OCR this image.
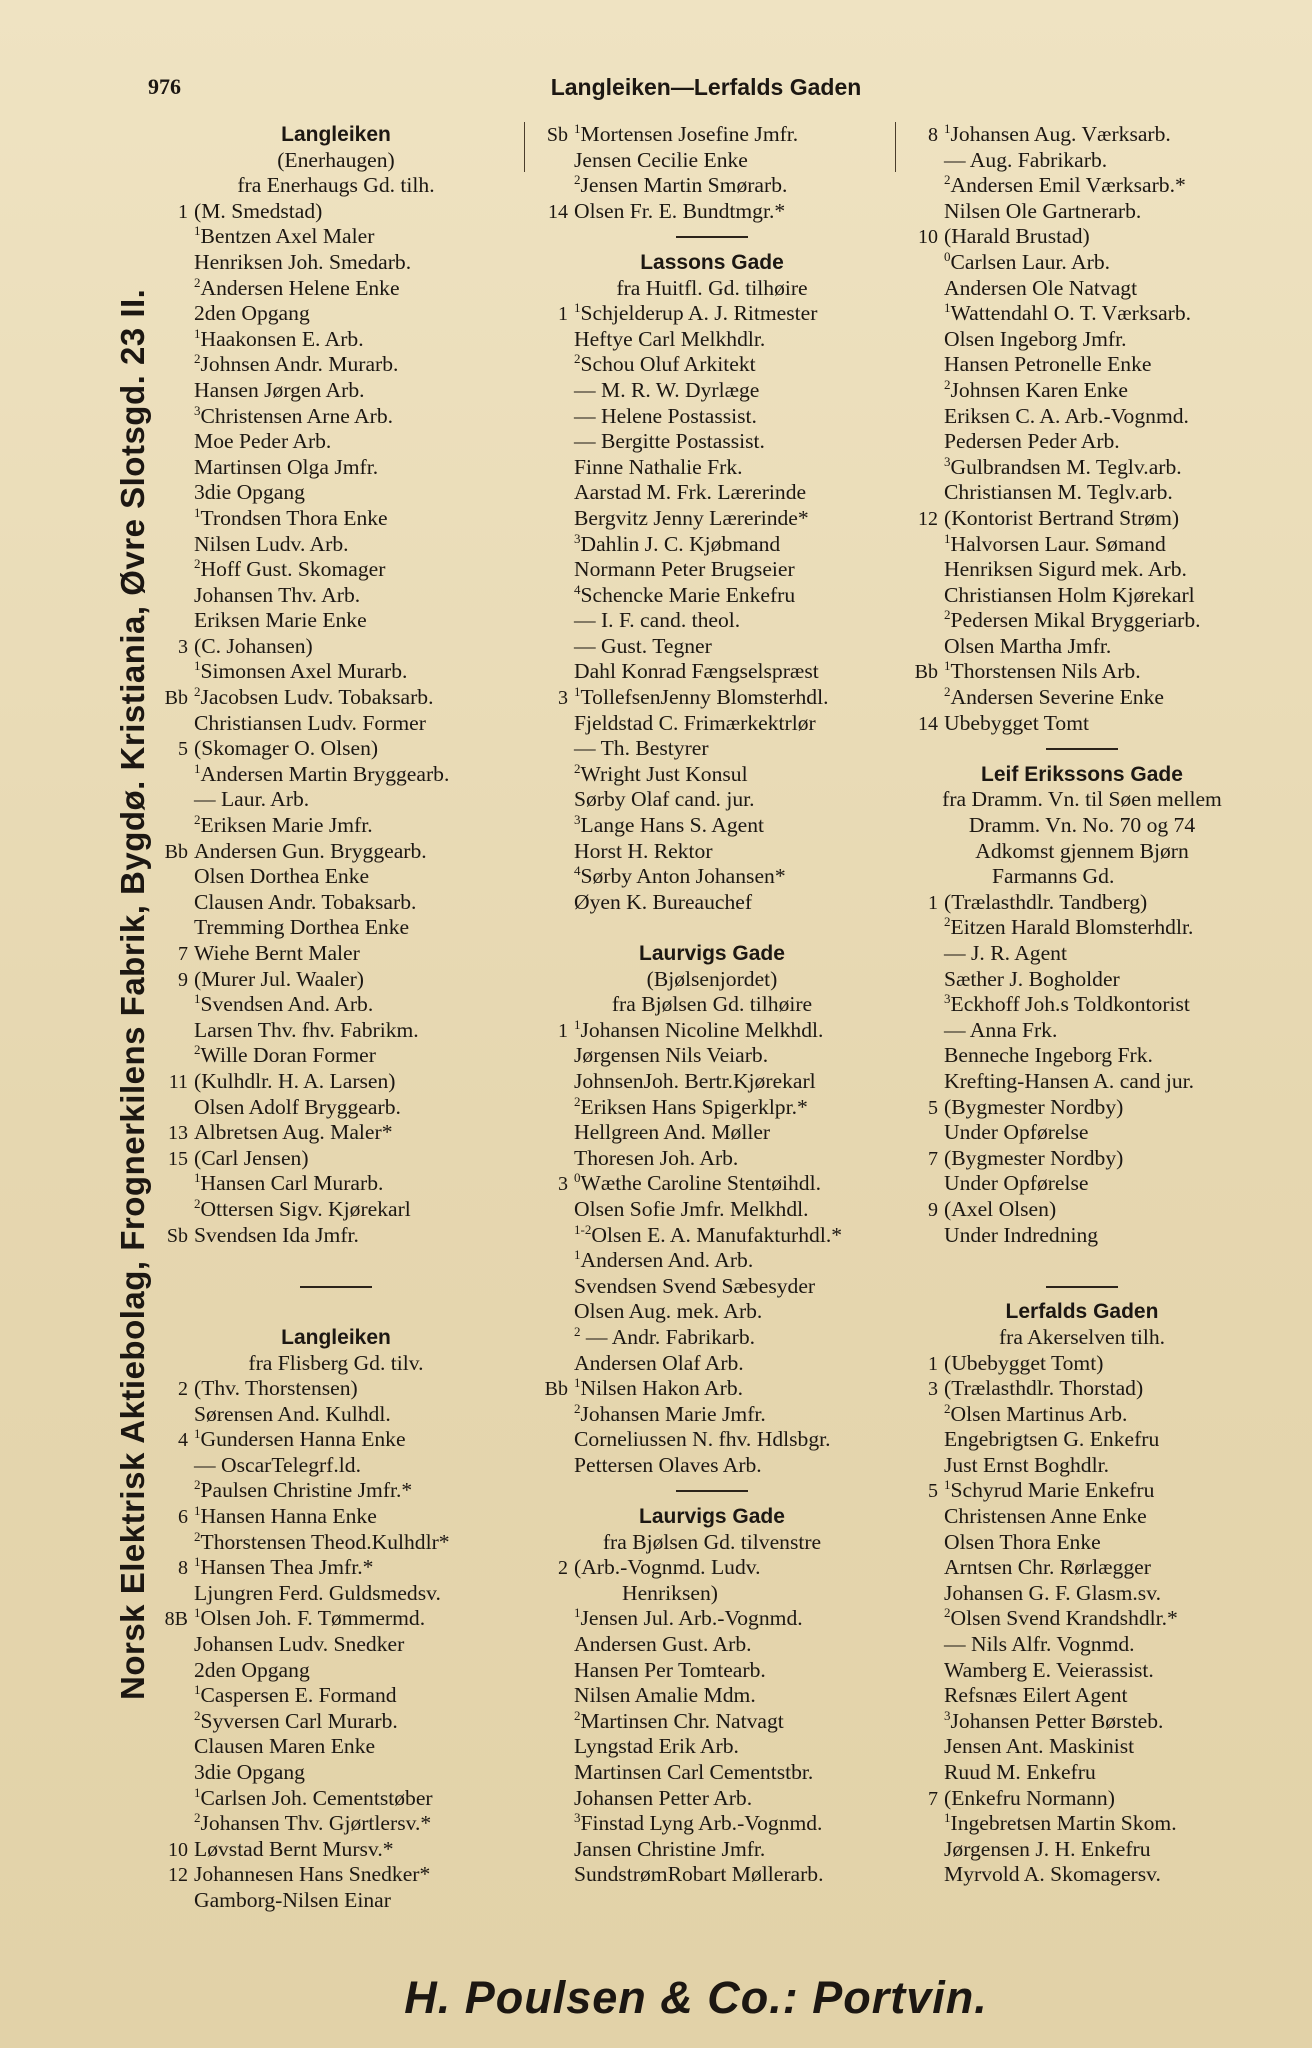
976	Langleiken—Lerfalds Gaden
Norsk Elektrisk Aktiebolag, Frognerkilens Fabrik, Bygdø. Kristiania, Øvre Slotsgd. 23 II.
Langleiken
(Enerhaugen)
fra Enerhaugs Gd. tilh.
1 (M. Smedstad)
$^1$Bentzen Axel Maler
Henriksen Joh. Smedarb.
$^2$Andersen Helene Enke
2den Opgang
$^1$Haakonsen E. Arb.
$^2$Johnsen Andr. Murarb.
Hansen Jørgen Arb.
$^3$Christensen Arne Arb.
Moe Peder Arb.
Martinsen Olga Jmfr.
3die Opgang
$^1$Trondsen Thora Enke
Nilsen Ludv. Arb.
$^2$Hoff Gust. Skomager
Johansen Thv. Arb.
Eriksen Marie Enke
3 (C. Johansen)
$^1$Simonsen Axel Murarb.
Bb $^2$Jacobsen Ludv. Tobaksarb.
Christiansen Ludv. Former
5 (Skomager O. Olsen)
$^1$Andersen Martin Bryggearb.
— Laur. Arb.
$^2$Eriksen Marie Jmfr.
Bb Andersen Gun. Bryggearb.
Olsen Dorthea Enke
Clausen Andr. Tobaksarb.
Tremming Dorthea Enke
7 Wiehe Bernt Maler
9 (Murer Jul. Waaler)
$^1$Svendsen And. Arb.
Larsen Thv. fhv. Fabrikm.
$^2$Wille Doran Former
11 (Kulhdlr. H. A. Larsen)
Olsen Adolf Bryggearb.
13 Albretsen Aug. Maler*
15 (Carl Jensen)
$^1$Hansen Carl Murarb.
$^2$Ottersen Sigv. Kjørekarl
Sb Svendsen Ida Jmfr.
Langleiken
fra Flisberg Gd. tilv.
2 (Thv. Thorstensen)
Sørensen And. Kulhdl.
4 $^1$Gundersen Hanna Enke
— OscarTelegrf.ld.
$^2$Paulsen Christine Jmfr.*
6 $^1$Hansen Hanna Enke
$^2$Thorstensen Theod.Kulhdlr*
8 $^1$Hansen Thea Jmfr.*
Ljungren Ferd. Guldsmedsv.
8B $^1$Olsen Joh. F. Tømmermd.
Johansen Ludv. Snedker
2den Opgang
$^1$Caspersen E. Formand
$^2$Syversen Carl Murarb.
Clausen Maren Enke
3die Opgang
$^1$Carlsen Joh. Cementstøber
$^2$Johansen Thv. Gjørtlersv.*
10 Løvstad Bernt Mursv.*
12 Johannesen Hans Snedker*
Gamborg-Nilsen Einar
Sb $^1$Mortensen Josefine Jmfr.
Jensen Cecilie Enke
$^2$Jensen Martin Smørarb.
14 Olsen Fr. E. Bundtmgr.*
Lassons Gade
fra Huitfl. Gd. tilhøire
1 $^1$Schjelderup A. J. Ritmester
Heftye Carl Melkhdlr.
$^2$Schou Oluf Arkitekt
— M. R. W. Dyrlæge
— Helene Postassist.
— Bergitte Postassist.
Finne Nathalie Frk.
Aarstad M. Frk. Lærerinde
Bergvitz Jenny Lærerinde*
$^3$Dahlin J. C. Kjøbmand
Normann Peter Brugseier
$^4$Schencke Marie Enkefru
— I. F. cand. theol.
— Gust. Tegner
Dahl Konrad Fængselspræst
3 $^1$TollefsenJenny Blomsterhdl.
Fjeldstad C. Frimærkektrlør
— Th. Bestyrer
$^2$Wright Just Konsul
Sørby Olaf cand. jur.
$^3$Lange Hans S. Agent
Horst H. Rektor
$^4$Sørby Anton Johansen*
Øyen K. Bureauchef
Laurvigs Gade
(Bjølsenjordet)
fra Bjølsen Gd. tilhøire
1 $^1$Johansen Nicoline Melkhdl.
Jørgensen Nils Veiarb.
JohnsenJoh. Bertr.Kjørekarl
$^2$Eriksen Hans Spigerklpr.*
Hellgreen And. Møller
Thoresen Joh. Arb.
3 $^0$Wæthe Caroline Stentøihdl.
Olsen Sofie Jmfr. Melkhdl.
$^{1-2}$Olsen E. A. Manufakturhdl.*
$^1$Andersen And. Arb.
Svendsen Svend Sæbesyder
Olsen Aug. mek. Arb.
$^2$ — Andr. Fabrikarb.
Andersen Olaf Arb.
Bb $^1$Nilsen Hakon Arb.
$^2$Johansen Marie Jmfr.
Corneliussen N. fhv. Hdlsbgr.
Pettersen Olaves Arb.
Laurvigs Gade
fra Bjølsen Gd. tilvenstre
2 (Arb.-Vognmd. Ludv.
Henriksen)
$^1$Jensen Jul. Arb.-Vognmd.
Andersen Gust. Arb.
Hansen Per Tomtearb.
Nilsen Amalie Mdm.
$^2$Martinsen Chr. Natvagt
Lyngstad Erik Arb.
Martinsen Carl Cementstbr.
Johansen Petter Arb.
$^3$Finstad Lyng Arb.-Vognmd.
Jansen Christine Jmfr.
SundstrømRobart Møllerarb.
8 $^1$Johansen Aug. Værksarb.
— Aug. Fabrikarb.
$^2$Andersen Emil Værksarb.*
Nilsen Ole Gartnerarb.
10 (Harald Brustad)
$^0$Carlsen Laur. Arb.
Andersen Ole Natvagt
$^1$Wattendahl O. T. Værksarb.
Olsen Ingeborg Jmfr.
Hansen Petronelle Enke
$^2$Johnsen Karen Enke
Eriksen C. A. Arb.-Vognmd.
Pedersen Peder Arb.
$^3$Gulbrandsen M. Teglv.arb.
Christiansen M. Teglv.arb.
12 (Kontorist Bertrand Strøm)
$^1$Halvorsen Laur. Sømand
Henriksen Sigurd mek. Arb.
Christiansen Holm Kjørekarl
$^2$Pedersen Mikal Bryggeriarb.
Olsen Martha Jmfr.
Bb $^1$Thorstensen Nils Arb.
$^2$Andersen Severine Enke
14 Ubebygget Tomt
Leif Erikssons Gade
fra Dramm. Vn. til Søen mellem
Dramm. Vn. No. 70 og 74
Adkomst gjennem Bjørn
Farmanns Gd.
1 (Trælasthdlr. Tandberg)
$^2$Eitzen Harald Blomsterhdlr.
— J. R. Agent
Sæther J. Bogholder
$^3$Eckhoff Joh.s Toldkontorist
— Anna Frk.
Benneche Ingeborg Frk.
Krefting-Hansen A. cand jur.
5 (Bygmester Nordby)
Under Opførelse
7 (Bygmester Nordby)
Under Opførelse
9 (Axel Olsen)
Under Indredning
Lerfalds Gaden
fra Akerselven tilh.
1 (Ubebygget Tomt)
3 (Trælasthdlr. Thorstad)
$^2$Olsen Martinus Arb.
Engebrigtsen G. Enkefru
Just Ernst Boghdlr.
5 $^1$Schyrud Marie Enkefru
Christensen Anne Enke
Olsen Thora Enke
Arntsen Chr. Rørlægger
Johansen G. F. Glasm.sv.
$^2$Olsen Svend Krandshdlr.*
— Nils Alfr. Vognmd.
Wamberg E. Veierassist.
Refsnæs Eilert Agent
$^3$Johansen Petter Børsteb.
Jensen Ant. Maskinist
Ruud M. Enkefru
7 (Enkefru Normann)
$^1$Ingebretsen Martin Skom.
Jørgensen J. H. Enkefru
Myrvold A. Skomagersv.
H. Poulsen & Co.: Portvin.
